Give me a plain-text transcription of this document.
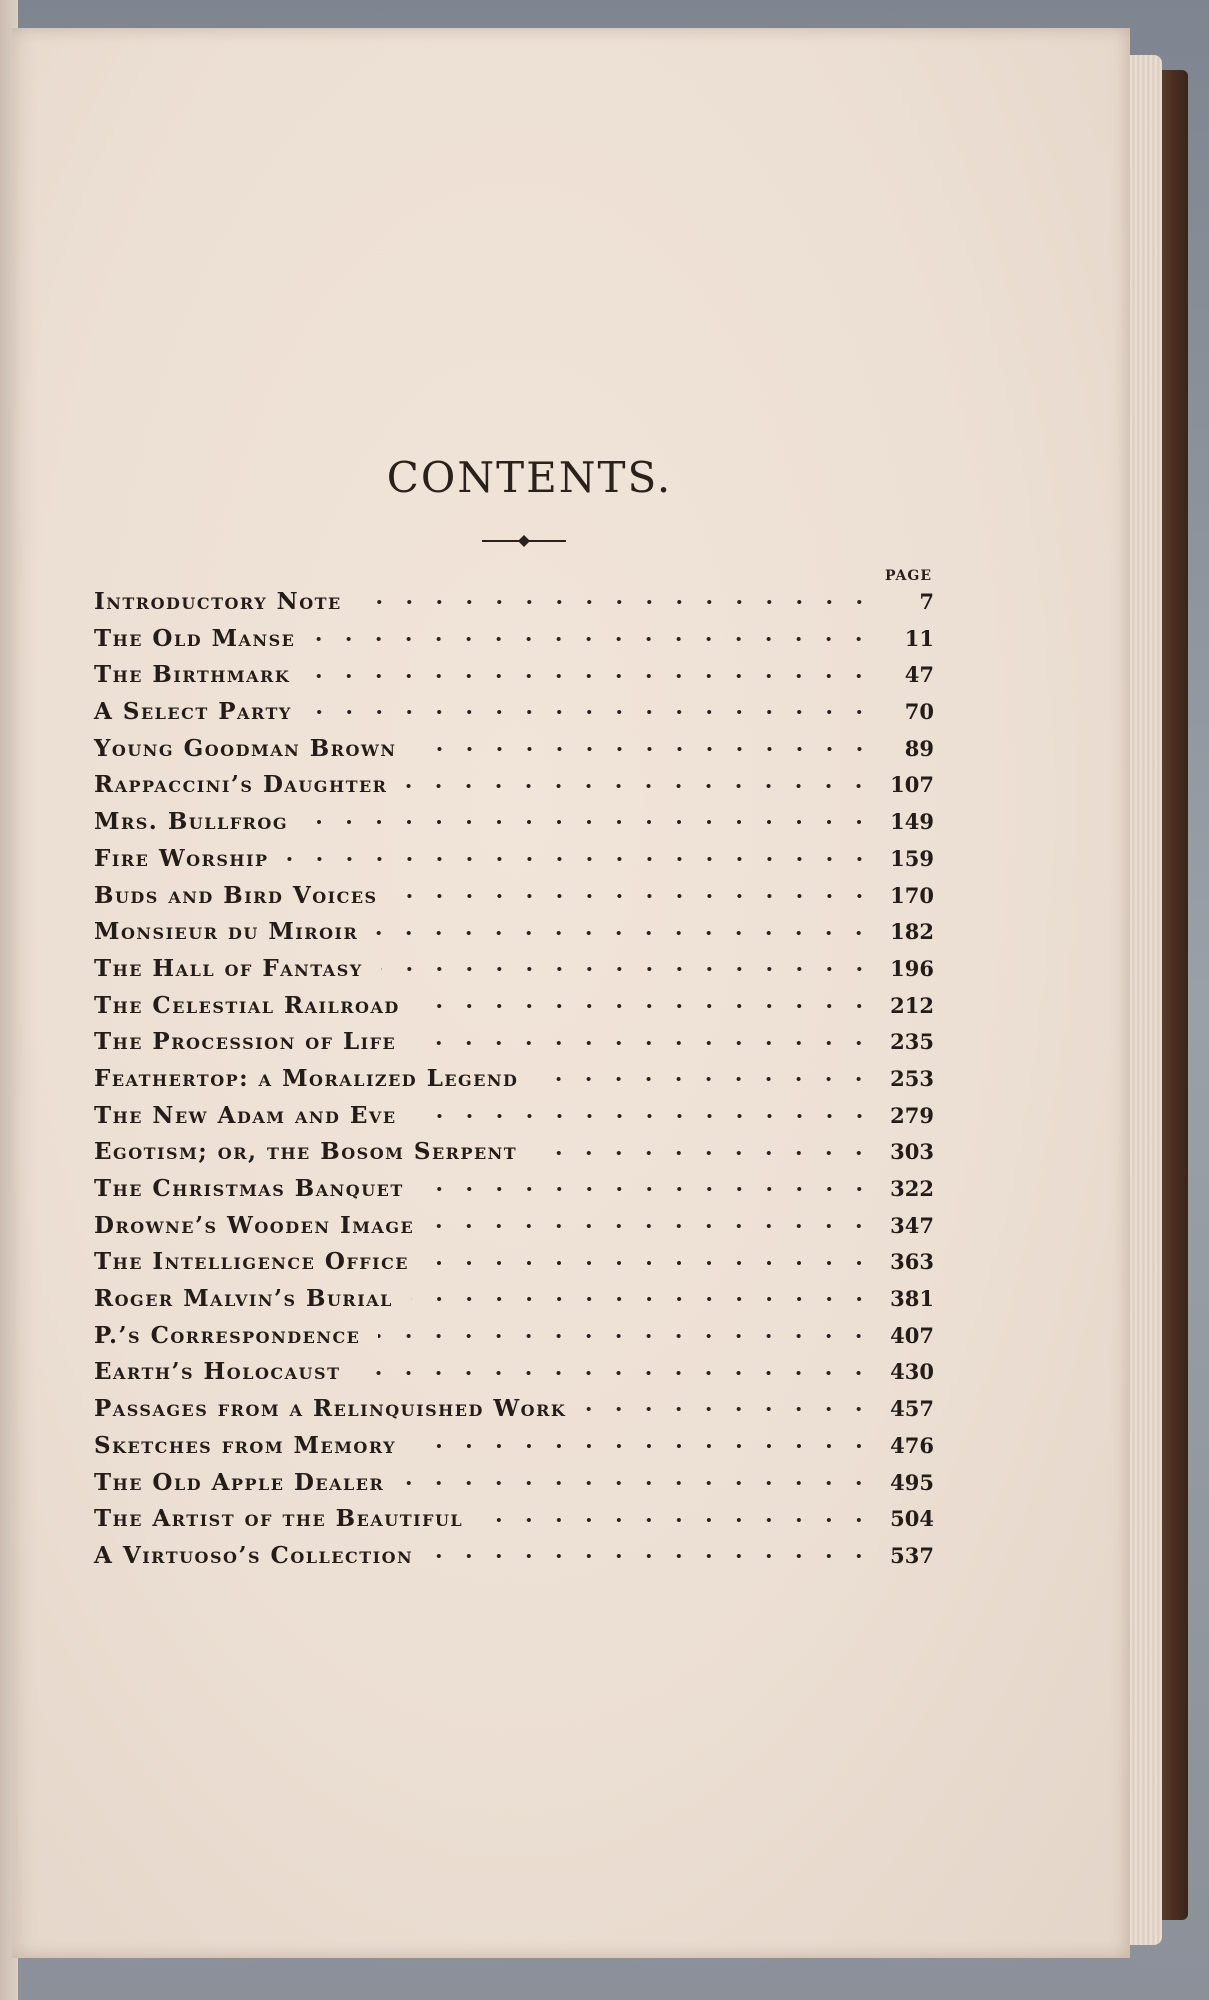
CONTENTS.
PAGE
Introductory Note	7
The Old Manse	11
The Birthmark	47
A Select Party	70
Young Goodman Brown	89
Rappaccini’s Daughter	107
Mrs. Bullfrog	149
Fire Worship	159
Buds and Bird Voices	170
Monsieur du Miroir	182
The Hall of Fantasy	196
The Celestial Railroad	212
The Procession of Life	235
Feathertop: a Moralized Legend	253
The New Adam and Eve	279
Egotism; or, the Bosom Serpent	303
The Christmas Banquet	322
Drowne’s Wooden Image	347
The Intelligence Office	363
Roger Malvin’s Burial	381
P.’s Correspondence	407
Earth’s Holocaust	430
Passages from a Relinquished Work	457
Sketches from Memory	476
The Old Apple Dealer	495
The Artist of the Beautiful	504
A Virtuoso’s Collection	537
